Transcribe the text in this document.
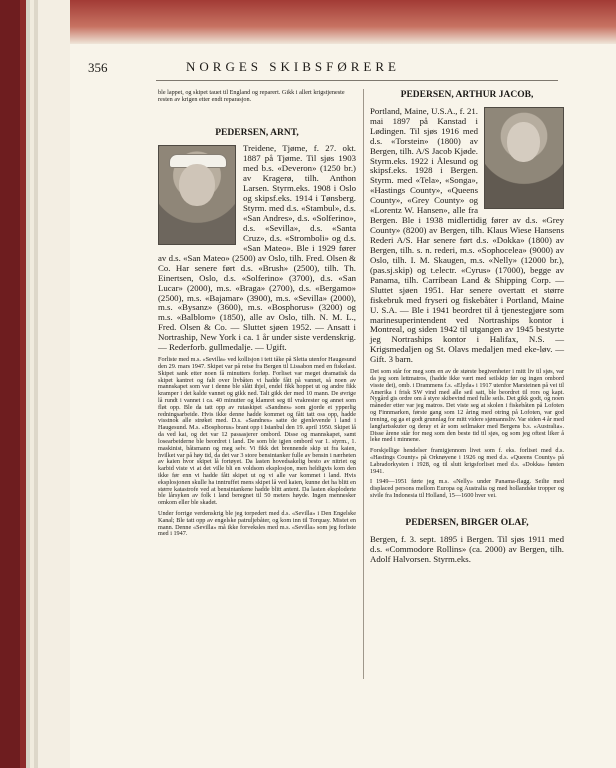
356	NORGES SKIBSFØRERE

ble lappet, og skipet tauet til England og reparert. Gikk i allert krigstjeneste resten av krigen etter endt reparasjon.

PEDERSEN, ARNT,

Treidene, Tjøme, f. 27. okt. 1887 på Tjøme. Til sjøs 1903 med b.s. «Deveron» (1250 br.) av Kragerø, tilh. Anthon Larsen. Styrm.eks. 1908 i Oslo og skipsf.eks. 1914 i Tønsberg. Styrm. med d.s. «Stambul», d.s. «San Andres», d.s. «Solferino», d.s. «Sevilla», d.s. «Santa Cruz», d.s. «Stromboli» og d.s. «San Mateo». Ble i 1929 fører av d.s. «San Mateo» (2500) av Oslo, tilh. Fred. Olsen & Co. Har senere ført d.s. «Brush» (2500), tilh. Th. Einertsen, Oslo, d.s. «Solferino» (3700), d.s. «San Lucar» (2000), m.s. «Braga» (2700), d.s. «Bergamo» (2500), m.s. «Bajamar» (3900), m.s. «Sevilla» (2000), m.s. «Bysanz» (3600), m.s. «Bosphorus» (3200) og m.s. «Balblom» (1850), alle av Oslo, tilh. N. M. L., Fred. Olsen & Co. — Sluttet sjøen 1952. — Ansatt i Nortraship, New York i ca. 1 år under siste verdenskrig. — Rederforb. gullmedalje. — Ugift.

Forliste med m.s. «Sevilla» ved kollisjon i tett tåke på Sletta utenfor Haugesund den 29. mars 1947. Skipet var på reise fra Bergen til Lissabon med en fiskelast. Skipet sank etter noen få minutters forløp. Forliset var meget dramatisk da skipet kantret og falt over livbåten vi hadde fått på vannet, så noen av mannskapet som var i denne ble slått ihjel, endel fikk hoppet ut og andre fikk kramper i det kalde vannet og gikk ned. Talt gikk der med 10 mann. De øvrige lå rundt i vannet i ca. 40 minutter og klamret seg til vrakrester og annet som fløt opp. Ble da tatt opp av rutaskipet «Sandnes» som gjorde et ypperlig redningsarbeide. Hvis ikke denne hadde kommet og fått tatt oss opp, hadde visstnok alle strøket med. D.s. «Sandnes» satte de gjenlevende i land i Haugesund. M.s. «Bosphorus» brant opp i Istanbul den 19. april 1950. Skipet lå da ved kai, og det var 12 passasjerer ombord. Disse og mannskapet, samt losearbeiderne ble beordret i land. De som ble igjen ombord var 1. styrm., 1. maskinist, båtsmann og meg selv. Vi fikk det brennende skip ut fra kaien, hvilket var på høy tid, da det var 3 store bensintanker fulle av bensin i nærheten av kaien hvor skipet lå fortøyet. Da lasten hovedsakelig besto av nitriet og karbid viste vi at det ville bli en voldsom eksplosjon, men heldigvis kom den ikke før enn vi hadde fått skipet ut og vi alle var kommet i land. Hvis eksplosjonen skulle ha inntruffet mens skipet lå ved kaien, kunne det ha blitt en større katastrofe ved at bensintankene hadde blitt antent. Da lasten eksploderte ble lårsyken av folk i land beregnet til 50 meters høyde. Ingen mennesker omkom eller ble skadet.

Under forrige verdenskrig ble jeg torpedert med d.s. «Sevilla» i Den Engelske Kanal; Ble tatt opp av engelske patruljebåter, og kom inn til Torquay. Mistet en mann. Denne «Sevilla» må ikke forveksles med m.s. «Sevilla» som jeg forliste med i 1947.

PEDERSEN, ARTHUR JACOB,

Portland, Maine, U.S.A., f. 21. mai 1897 på Kanstad i Lødingen. Til sjøs 1916 med d.s. «Torstein» (1800) av Bergen, tilh. A/S Jacob Kjøde. Styrm.eks. 1922 i Ålesund og skipsf.eks. 1928 i Bergen. Styrm. med «Tela», «Songa», «Hastings County», «Queens County», «Grey County» og «Lorentz W. Hansen», alle fra Bergen. Ble i 1938 midlertidig fører av d.s. «Grey County» (8200) av Bergen, tilh. Klaus Wiese Hansens Rederi A/S. Har senere ført d.s. «Dokka» (1800) av Bergen, tilh. s. n. rederi, m.s. «Sophocelea» (9000) av Oslo, tilh. I. M. Skaugen, m.s. «Nelly» (12000 br.), (pas.sj.skip) og t.electr. «Cyrus» (17000), begge av Panama, tilh. Carribean Land & Shipping Corp. — Sluttet sjøen 1951. Har senere overtatt et større fiskebruk med fryseri og fiskebåter i Portland, Maine U. S.A. — Ble i 1941 beordret til å tjenestegjøre som marinesuperintendent ved Nortraships kontor i Montreal, og siden 1942 til utgangen av 1945 bestyrte jeg Nortraships kontor i Halifax, N.S. — Krigsmedaljen og St. Olavs medaljen med eke-løv. — Gift. 3 barn.

Det som står for meg som en av de største begivenheter i mitt liv til sjøs, var da jeg som lettmatros, (hadde ikke vært med seilskip før og ingen ombord visste det), omb. i Drammens f.s. «Elyda» i 1917 utenfor Marsteinen på vei til Amerika i frisk SW vind med alle seil satt, ble beordret til rors og kapt. Nygård gis ordre om å styre skibevind med fulle seils. Det gikk godt, og noen måneder etter var jeg matros. Det viste seg at skolen i fiskebåten på Lofoten og Finnmarken, første gang som 12 åring med otring på Lofoten, var god trening, og ga et godt grunnlag for mitt videre sjømannsliv. Var siden 4 år med langfartsskuter og deray et år som seilmaker med Bergens b.s. «Australia». Disse årene står for meg som den beste tid til sjøs, og som jeg oftest liker å leke med i minnene.

Forskjellige hendelser framigjennom livet som f. eks. forliset med d.s. «Hastings County» på Orknøyene i 1926 og med d.s. «Queens County» på Labradorkysten i 1928, og til slutt krigsforliset med d.s. «Dokka» høsten 1941.

I 1949—1951 førte jeg m.s. «Nelly» under Panama-flagg. Seilte med displaced persons mellom Europa og Australia og med hollandske tropper og sivile fra Indonesia til Holland, 15—1600 hver vei.

PEDERSEN, BIRGER OLAF,

Bergen, f. 3. sept. 1895 i Bergen. Til sjøs 1911 med d.s. «Commodore Rollins» (ca. 2000) av Bergen, tilh. Adolf Halvorsen. Styrm.eks.
